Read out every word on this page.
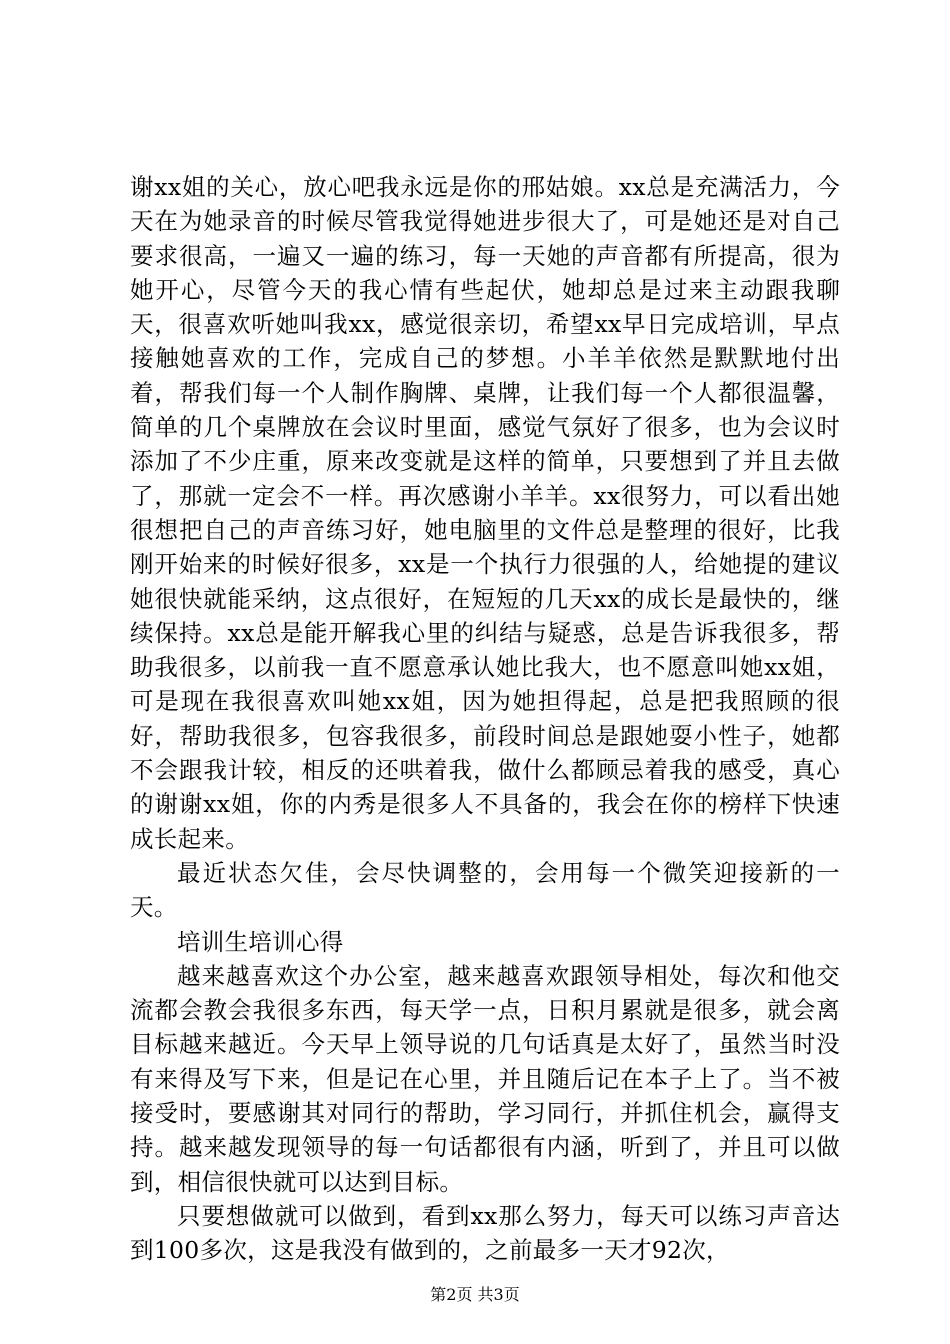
谢xx姐的关心，放心吧我永远是你的邢姑娘。xx总是充满活力，今天在为她录音的时候尽管我觉得她进步很大了，可是她还是对自己要求很高，一遍又一遍的练习，每一天她的声音都有所提高，很为她开心，尽管今天的我心情有些起伏，她却总是过来主动跟我聊天，很喜欢听她叫我xx，感觉很亲切，希望xx早日完成培训，早点接触她喜欢的工作，完成自己的梦想。小羊羊依然是默默地付出着，帮我们每一个人制作胸牌、桌牌，让我们每一个人都很温馨，简单的几个桌牌放在会议时里面，感觉气氛好了很多，也为会议时添加了不少庄重，原来改变就是这样的简单，只要想到了并且去做了，那就一定会不一样。再次感谢小羊羊。xx很努力，可以看出她很想把自己的声音练习好，她电脑里的文件总是整理的很好，比我刚开始来的时候好很多，xx是一个执行力很强的人，给她提的建议她很快就能采纳，这点很好，在短短的几天xx的成长是最快的，继续保持。xx总是能开解我心里的纠结与疑惑，总是告诉我很多，帮助我很多，以前我一直不愿意承认她比我大，也不愿意叫她xx姐，可是现在我很喜欢叫她xx姐，因为她担得起，总是把我照顾的很好，帮助我很多，包容我很多，前段时间总是跟她耍小性子，她都不会跟我计较，相反的还哄着我，做什么都顾忌着我的感受，真心的谢谢xx姐，你的内秀是很多人不具备的，我会在你的榜样下快速成长起来。

最近状态欠佳，会尽快调整的，会用每一个微笑迎接新的一天。

培训生培训心得

越来越喜欢这个办公室，越来越喜欢跟领导相处，每次和他交流都会教会我很多东西，每天学一点，日积月累就是很多，就会离目标越来越近。今天早上领导说的几句话真是太好了，虽然当时没有来得及写下来，但是记在心里，并且随后记在本子上了。当不被接受时，要感谢其对同行的帮助，学习同行，并抓住机会，赢得支持。越来越发现领导的每一句话都很有内涵，听到了，并且可以做到，相信很快就可以达到目标。

只要想做就可以做到，看到xx那么努力，每天可以练习声音达到100多次，这是我没有做到的，之前最多一天才92次，

第2页 共3页
